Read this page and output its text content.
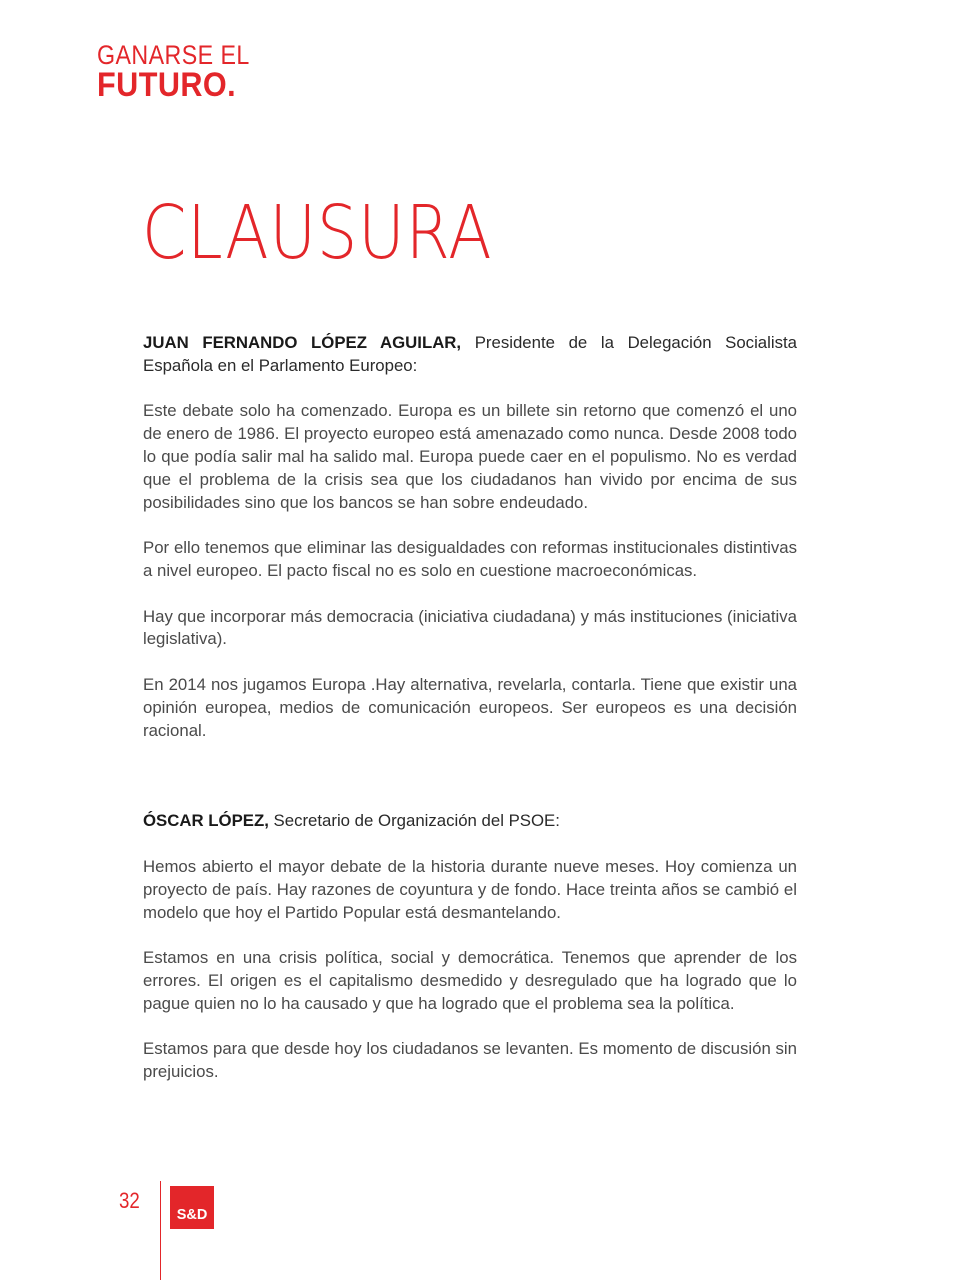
GANARSE EL
FUTURO.
CLAUSURA

JUAN FERNANDO LÓPEZ AGUILAR, Presidente de la Delegación Socialista Española en el Parlamento Europeo:

Este debate solo ha comenzado. Europa es un billete sin retorno que comenzó el uno de enero de 1986. El proyecto europeo está amenazado como nunca. Desde 2008 todo lo que podía salir mal ha salido mal. Europa puede caer en el populismo. No es verdad que el problema de la crisis sea que los ciudadanos han vivido por encima de sus posibilidades sino que los bancos se han sobre endeudado.

Por ello tenemos que eliminar las desigualdades con reformas institucionales distintivas a nivel europeo. El pacto fiscal no es solo en cuestione macroeconómicas.

Hay que incorporar más democracia (iniciativa ciudadana) y más instituciones (iniciativa legislativa).

En 2014 nos jugamos Europa .Hay alternativa, revelarla, contarla. Tiene que existir una opinión europea, medios de comunicación europeos. Ser europeos es una decisión racional.

ÓSCAR LÓPEZ, Secretario de Organización del PSOE:

Hemos abierto el mayor debate de la historia durante nueve meses. Hoy comienza un proyecto de país. Hay razones de coyuntura y de fondo. Hace treinta años se cambió el modelo que hoy el Partido Popular está desmantelando.

Estamos en una crisis política, social y democrática. Tenemos que aprender de los errores. El origen es el capitalismo desmedido y desregulado que ha logrado que lo pague quien no lo ha causado y que ha logrado que el problema sea la política.

Estamos para que desde hoy los ciudadanos se levanten. Es momento de discusión sin prejuicios.

32
S&D
